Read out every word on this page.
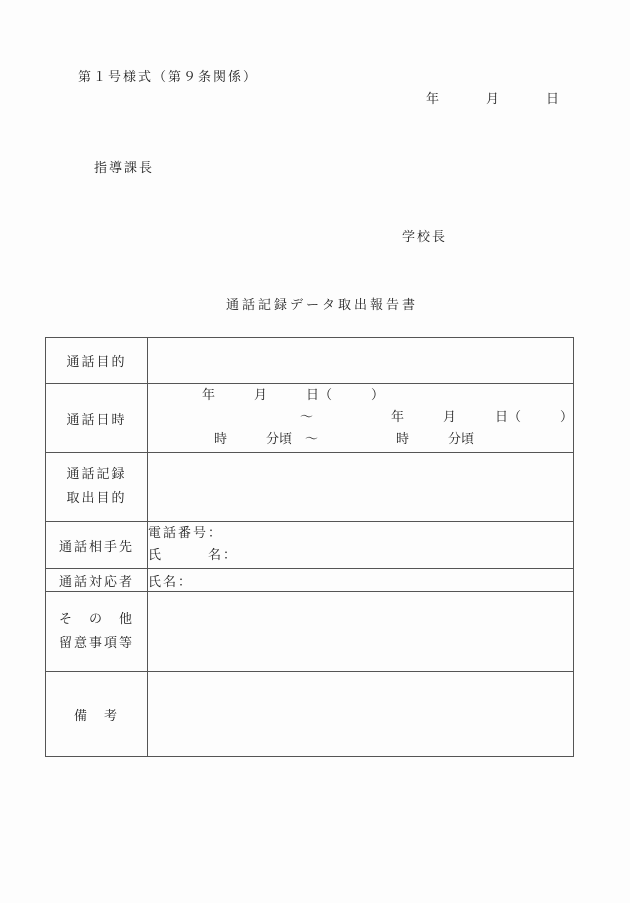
第１号様式（第９条関係）
年　　　月　　　日
指導課長
学校長
通話記録データ取出報告書
通話目的	
通話日時	年　　　月　　　日（　　　）
～　　　　　　年　　　月　　　日（　　　）
時　　　分頃　～　　　　　　時　　　分頃

通話記録
取出目的	

通話相手先	電話番号：
氏　　　名：

通話対応者	氏名：

そ　の　他
留意事項等	

備　考	
